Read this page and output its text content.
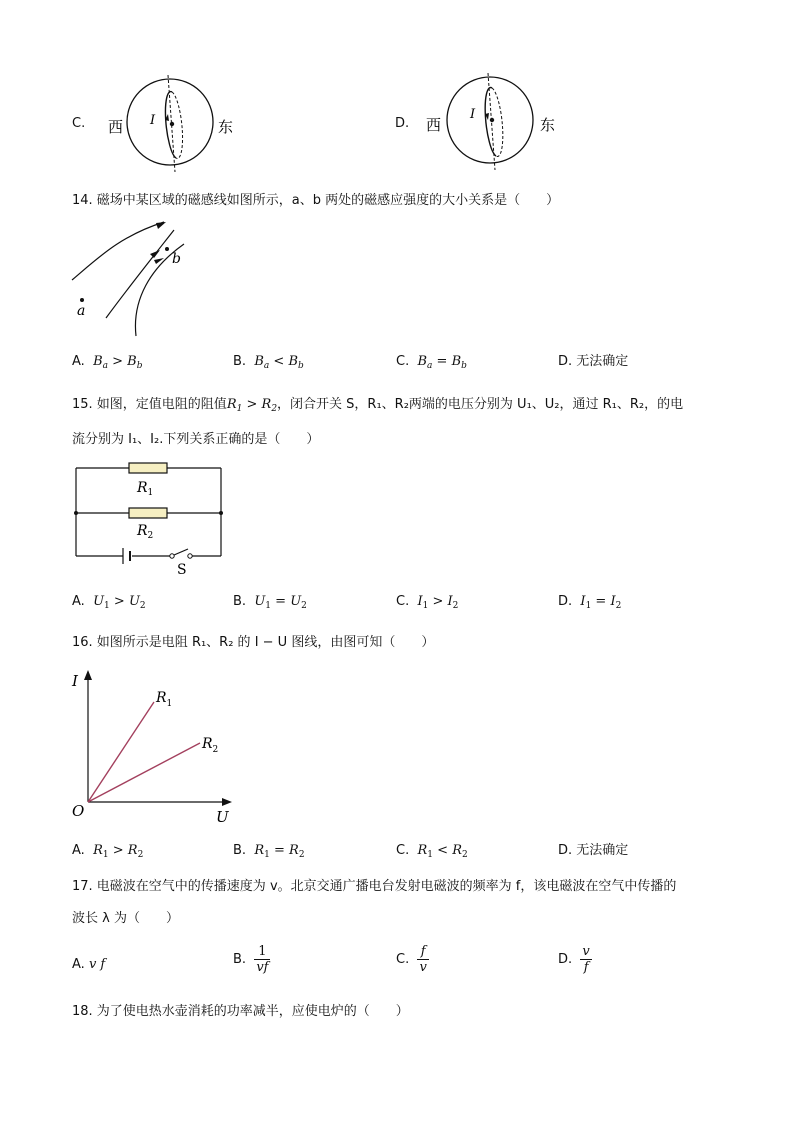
C.	I
西	东	D.
I
西	东
14. 磁场中某区域的磁感线如图所示，a、b 两处的磁感应强度的大小关系是（　　）
b
a
A. $B_a > B_b$	B. $B_a < B_b$	C. $B_a = B_b$	D. 无法确定
15. 如图，定值电阻的阻值$R_1 > R_2$，闭合开关 S，R₁、R₂两端的电压分别为 U₁、U₂，通过 R₁、R₂，的电
流分别为 I₁、I₂.下列关系正确的是（　　）
$R_1$
$R_2$
S
A. $U_1 > U_2$	B. $U_1 = U_2$	C. $I_1 > I_2$	D. $I_1 = I_2$
16. 如图所示是电阻 R₁、R₂ 的 I − U 图线，由图可知（　　）
I
U
O
$R_1$
$R_2$
A. $R_1 > R_2$	B. $R_1 = R_2$	C. $R_1 < R_2$	D. 无法确定
17. 电磁波在空气中的传播速度为 v。北京交通广播电台发射电磁波的频率为 f，该电磁波在空气中传播的
波长 λ 为（　　）
A. v f	B. $\frac{1}{vf}$	C. $\frac{f}{v}$	D. $\frac{v}{f}$
18. 为了使电热水壶消耗的功率减半，应使电炉的（　　）
